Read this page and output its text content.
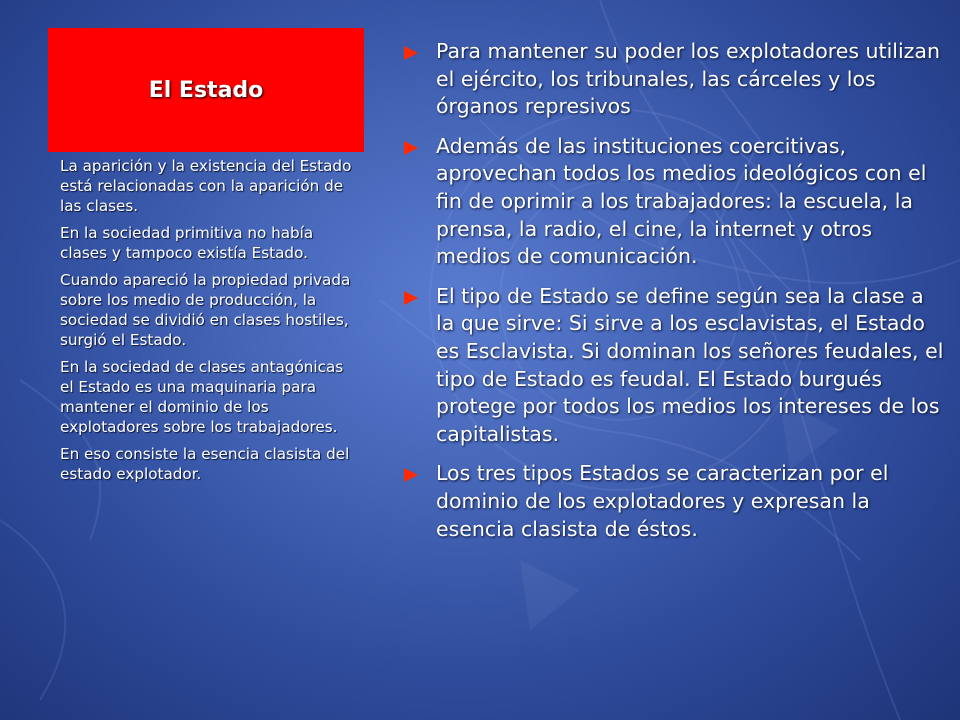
El Estado

La aparición y la existencia del Estado está relacionadas con la aparición de las clases.

En la sociedad primitiva no había clases y tampoco existía Estado.

Cuando apareció la propiedad privada sobre los medio de producción, la sociedad se dividió en clases hostiles, surgió el Estado.

En la sociedad de clases antagónicas el Estado es una maquinaria para mantener el dominio de los explotadores sobre los trabajadores.

En eso consiste la esencia clasista del estado explotador.

Para mantener su poder los explotadores utilizan el ejército, los tribunales, las cárceles y los órganos represivos
Además de las instituciones coercitivas, aprovechan todos los medios ideológicos con el fin de oprimir a los trabajadores: la escuela, la prensa, la radio, el cine, la internet y otros medios de comunicación.
El tipo de Estado se define según sea la clase a la que sirve: Si sirve a los esclavistas, el Estado es Esclavista. Si dominan los señores feudales, el tipo de Estado es feudal. El Estado burgués protege por todos los medios los intereses de los capitalistas.
Los tres tipos Estados se caracterizan por el dominio de los explotadores y expresan la esencia clasista de éstos.
